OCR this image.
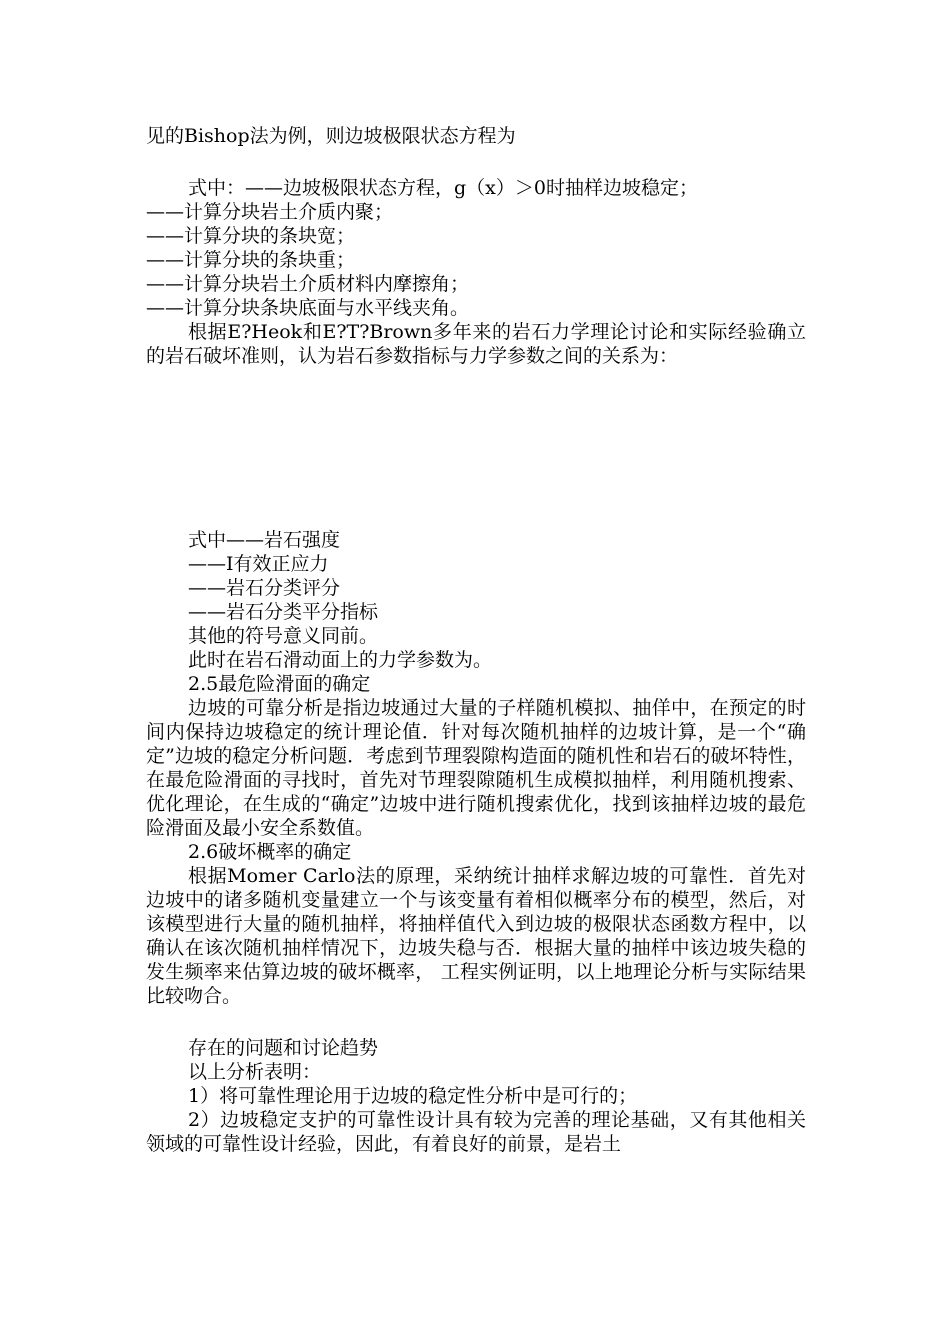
见的Bishop法为例，则边坡极限状态方程为
式中：——边坡极限状态方程，g（x）＞0时抽样边坡稳定；
——计算分块岩土介质内聚；
——计算分块的条块宽；
——计算分块的条块重；
——计算分块岩土介质材料内摩擦角；
——计算分块条块底面与水平线夹角。

根据E?Heok和E?T?Brown多年来的岩石力学理论讨论和实际经验确立的岩石破坏准则，认为岩石参数指标与力学参数之间的关系为：

式中——岩石强度
——I有效正应力
——岩石分类评分
——岩石分类平分指标
其他的符号意义同前。
此时在岩石滑动面上的力学参数为。
2.5最危险滑面的确定

边坡的可靠分析是指边坡通过大量的子样随机模拟、抽佯中，在预定的时间内保持边坡稳定的统计理论值．针对每次随机抽样的边坡计算，是一个“确定”边坡的稳定分析问题．考虑到节理裂隙构造面的随机性和岩石的破坏特性，在最危险滑面的寻找时，首先对节理裂隙随机生成模拟抽样，利用随机搜索、优化理论，在生成的“确定”边坡中进行随机搜索优化，找到该抽样边坡的最危险滑面及最小安全系数值。

2.6破坏概率的确定

根据Momer Carlo法的原理，采纳统计抽样求解边坡的可靠性．首先对边坡中的诸多随机变量建立一个与该变量有着相似概率分布的模型，然后，对该模型进行大量的随机抽样，将抽样值代入到边坡的极限状态函数方程中，以确认在该次随机抽样情况下，边坡失稳与否．根据大量的抽样中该边坡失稳的发生频率来估算边坡的破坏概率， 工程实例证明，以上地理论分析与实际结果比较吻合。

存在的问题和讨论趋势
以上分析表明：
1）将可靠性理论用于边坡的稳定性分析中是可行的；

2）边坡稳定支护的可靠性设计具有较为完善的理论基础，又有其他相关领域的可靠性设计经验，因此，有着良好的前景，是岩土
